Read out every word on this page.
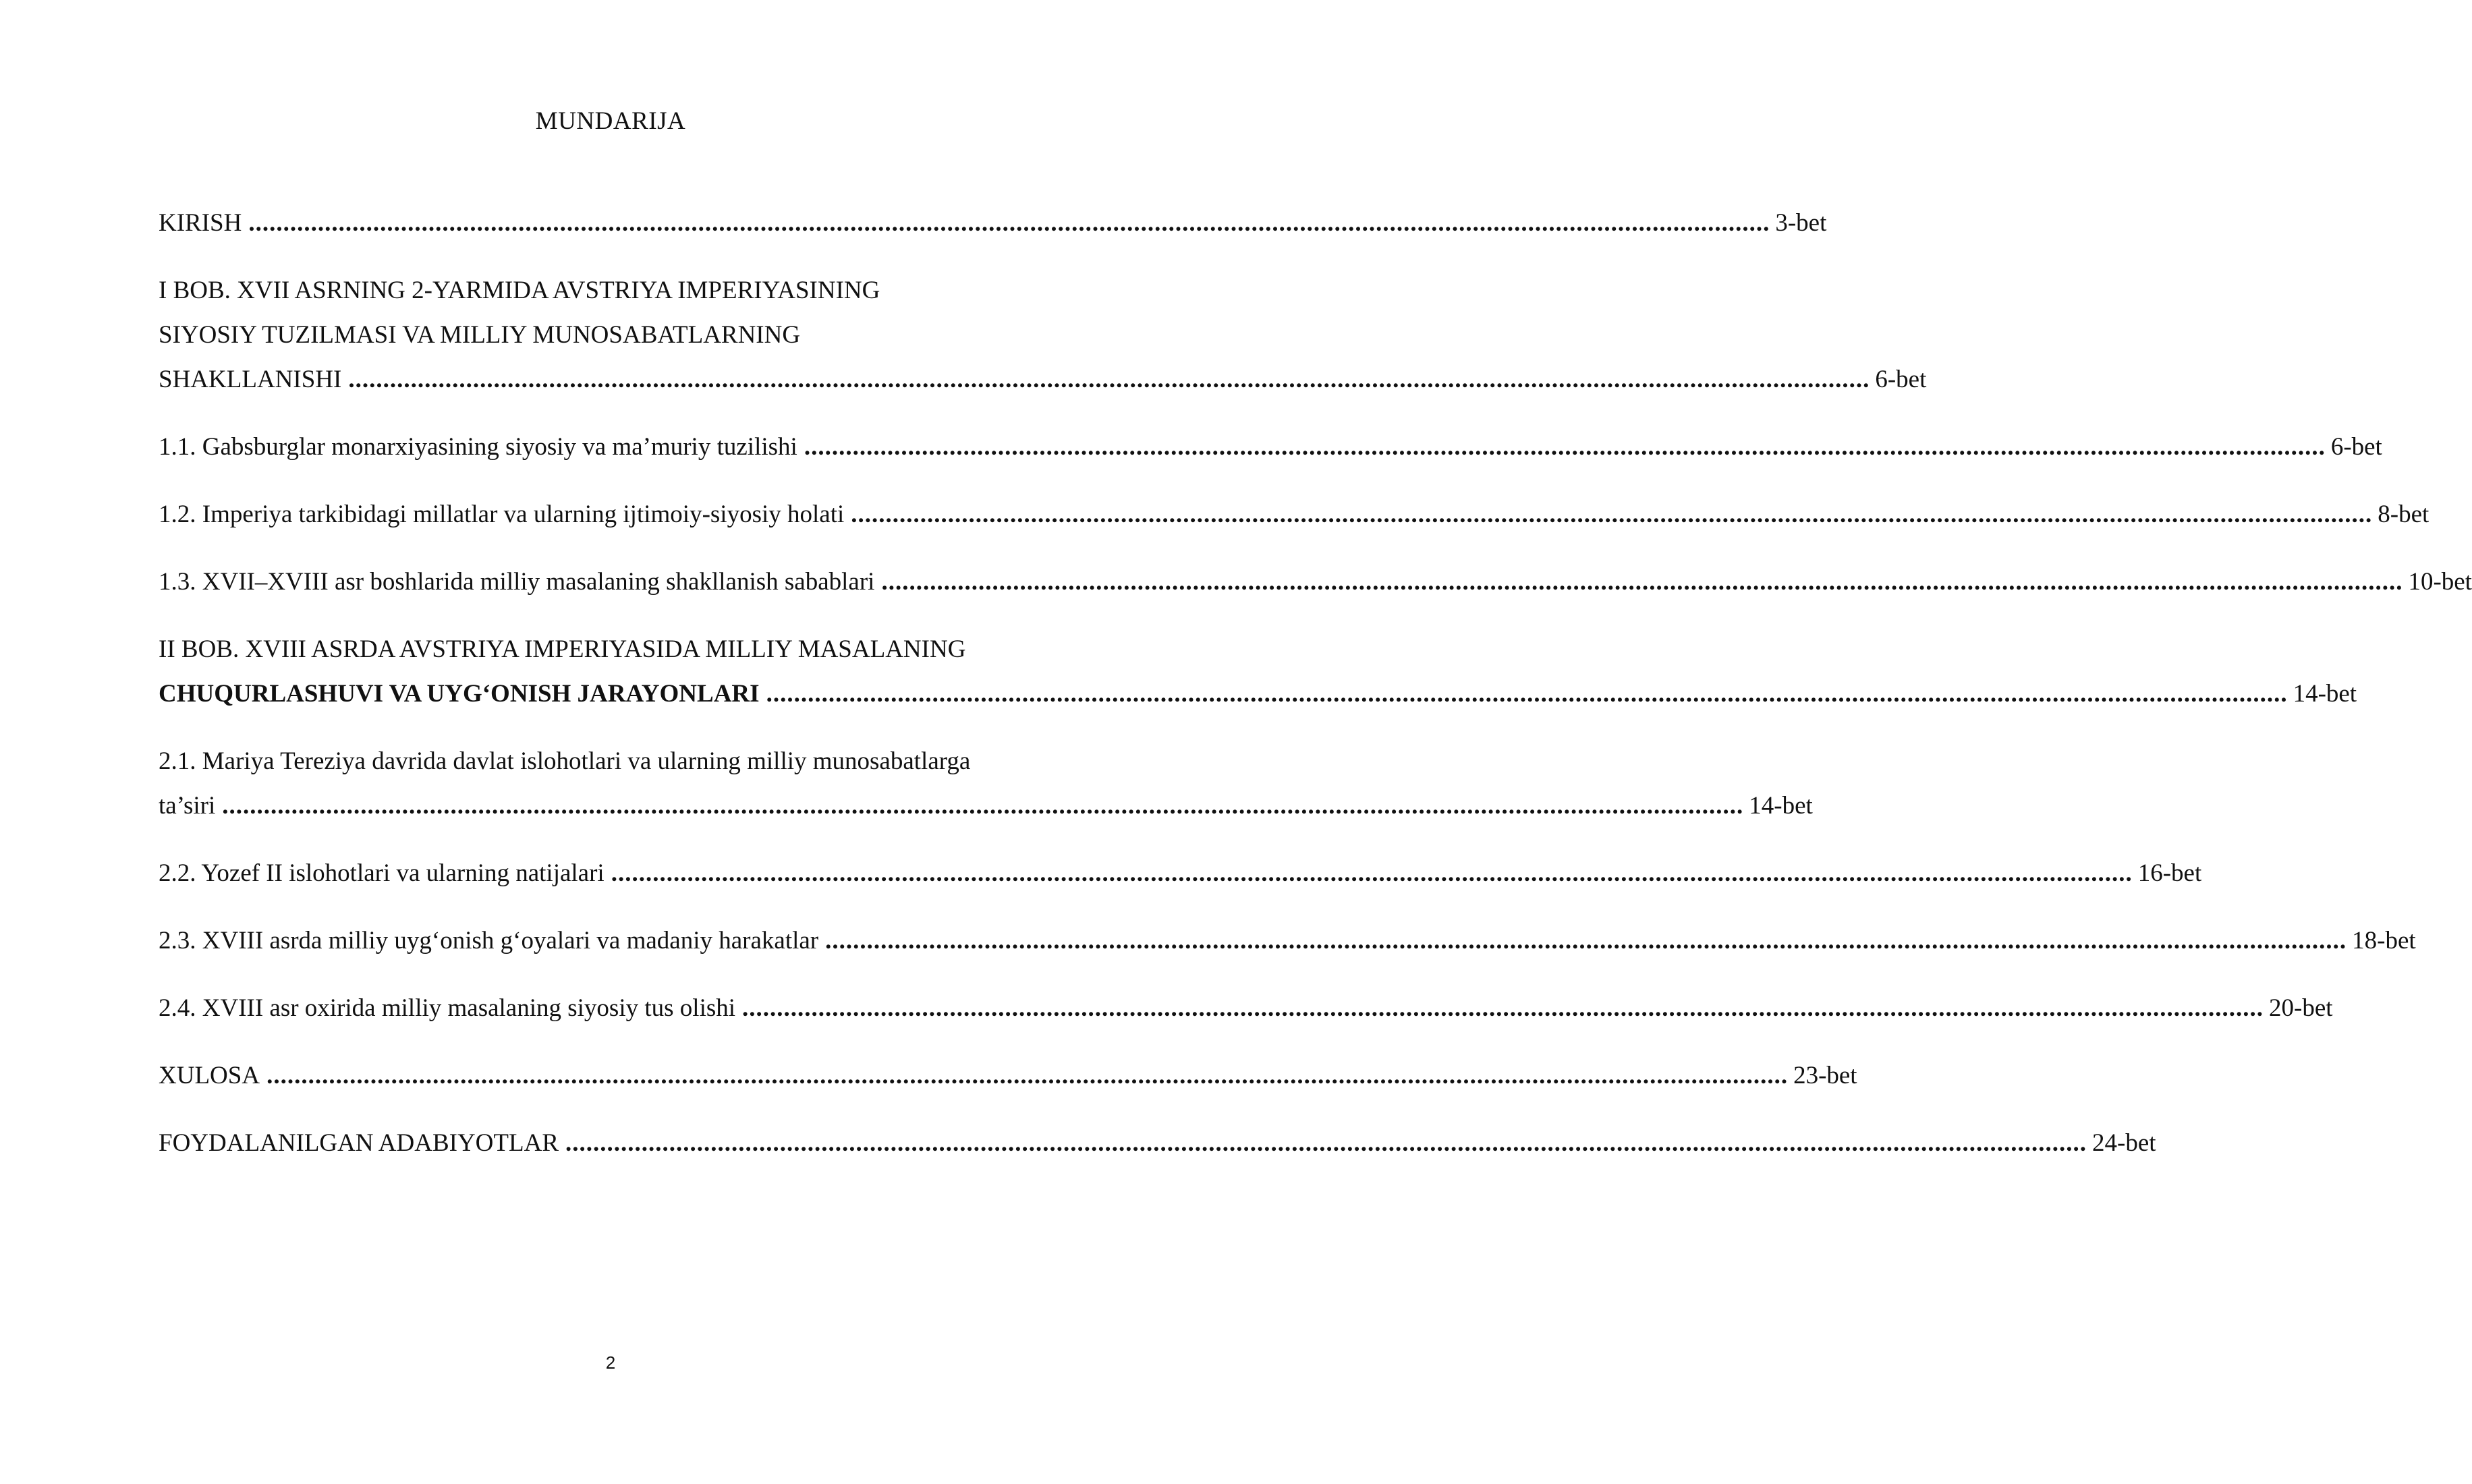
MUNDARIJA
KIRISH ............................................................................................................................................................................................................................ 3-bet
I BOB. XVII ASRNING 2-YARMIDA AVSTRIYA IMPERIYASINING
SIYOSIY TUZILMASI VA MILLIY MUNOSABATLARNING
SHAKLLANISHI ............................................................................................................................................................................................................................ 6-bet
1.1. Gabsburglar monarxiyasining siyosiy va ma’muriy tuzilishi ............................................................................................................................................................................................................................ 6-bet
1.2. Imperiya tarkibidagi millatlar va ularning ijtimoiy-siyosiy holati ............................................................................................................................................................................................................................ 8-bet
1.3. XVII–XVIII asr boshlarida milliy masalaning shakllanish sabablari ............................................................................................................................................................................................................................ 10-bet
II BOB. XVIII ASRDA AVSTRIYA IMPERIYASIDA MILLIY MASALANING
CHUQURLASHUVI VA UYG‘ONISH JARAYONLARI ............................................................................................................................................................................................................................ 14-bet
2.1. Mariya Tereziya davrida davlat islohotlari va ularning milliy munosabatlarga
ta’siri ............................................................................................................................................................................................................................ 14-bet
2.2. Yozef II islohotlari va ularning natijalari ............................................................................................................................................................................................................................ 16-bet
2.3. XVIII asrda milliy uyg‘onish g‘oyalari va madaniy harakatlar ............................................................................................................................................................................................................................ 18-bet
2.4. XVIII asr oxirida milliy masalaning siyosiy tus olishi ............................................................................................................................................................................................................................ 20-bet
XULOSA ............................................................................................................................................................................................................................ 23-bet
FOYDALANILGAN ADABIYOTLAR ............................................................................................................................................................................................................................ 24-bet
2
